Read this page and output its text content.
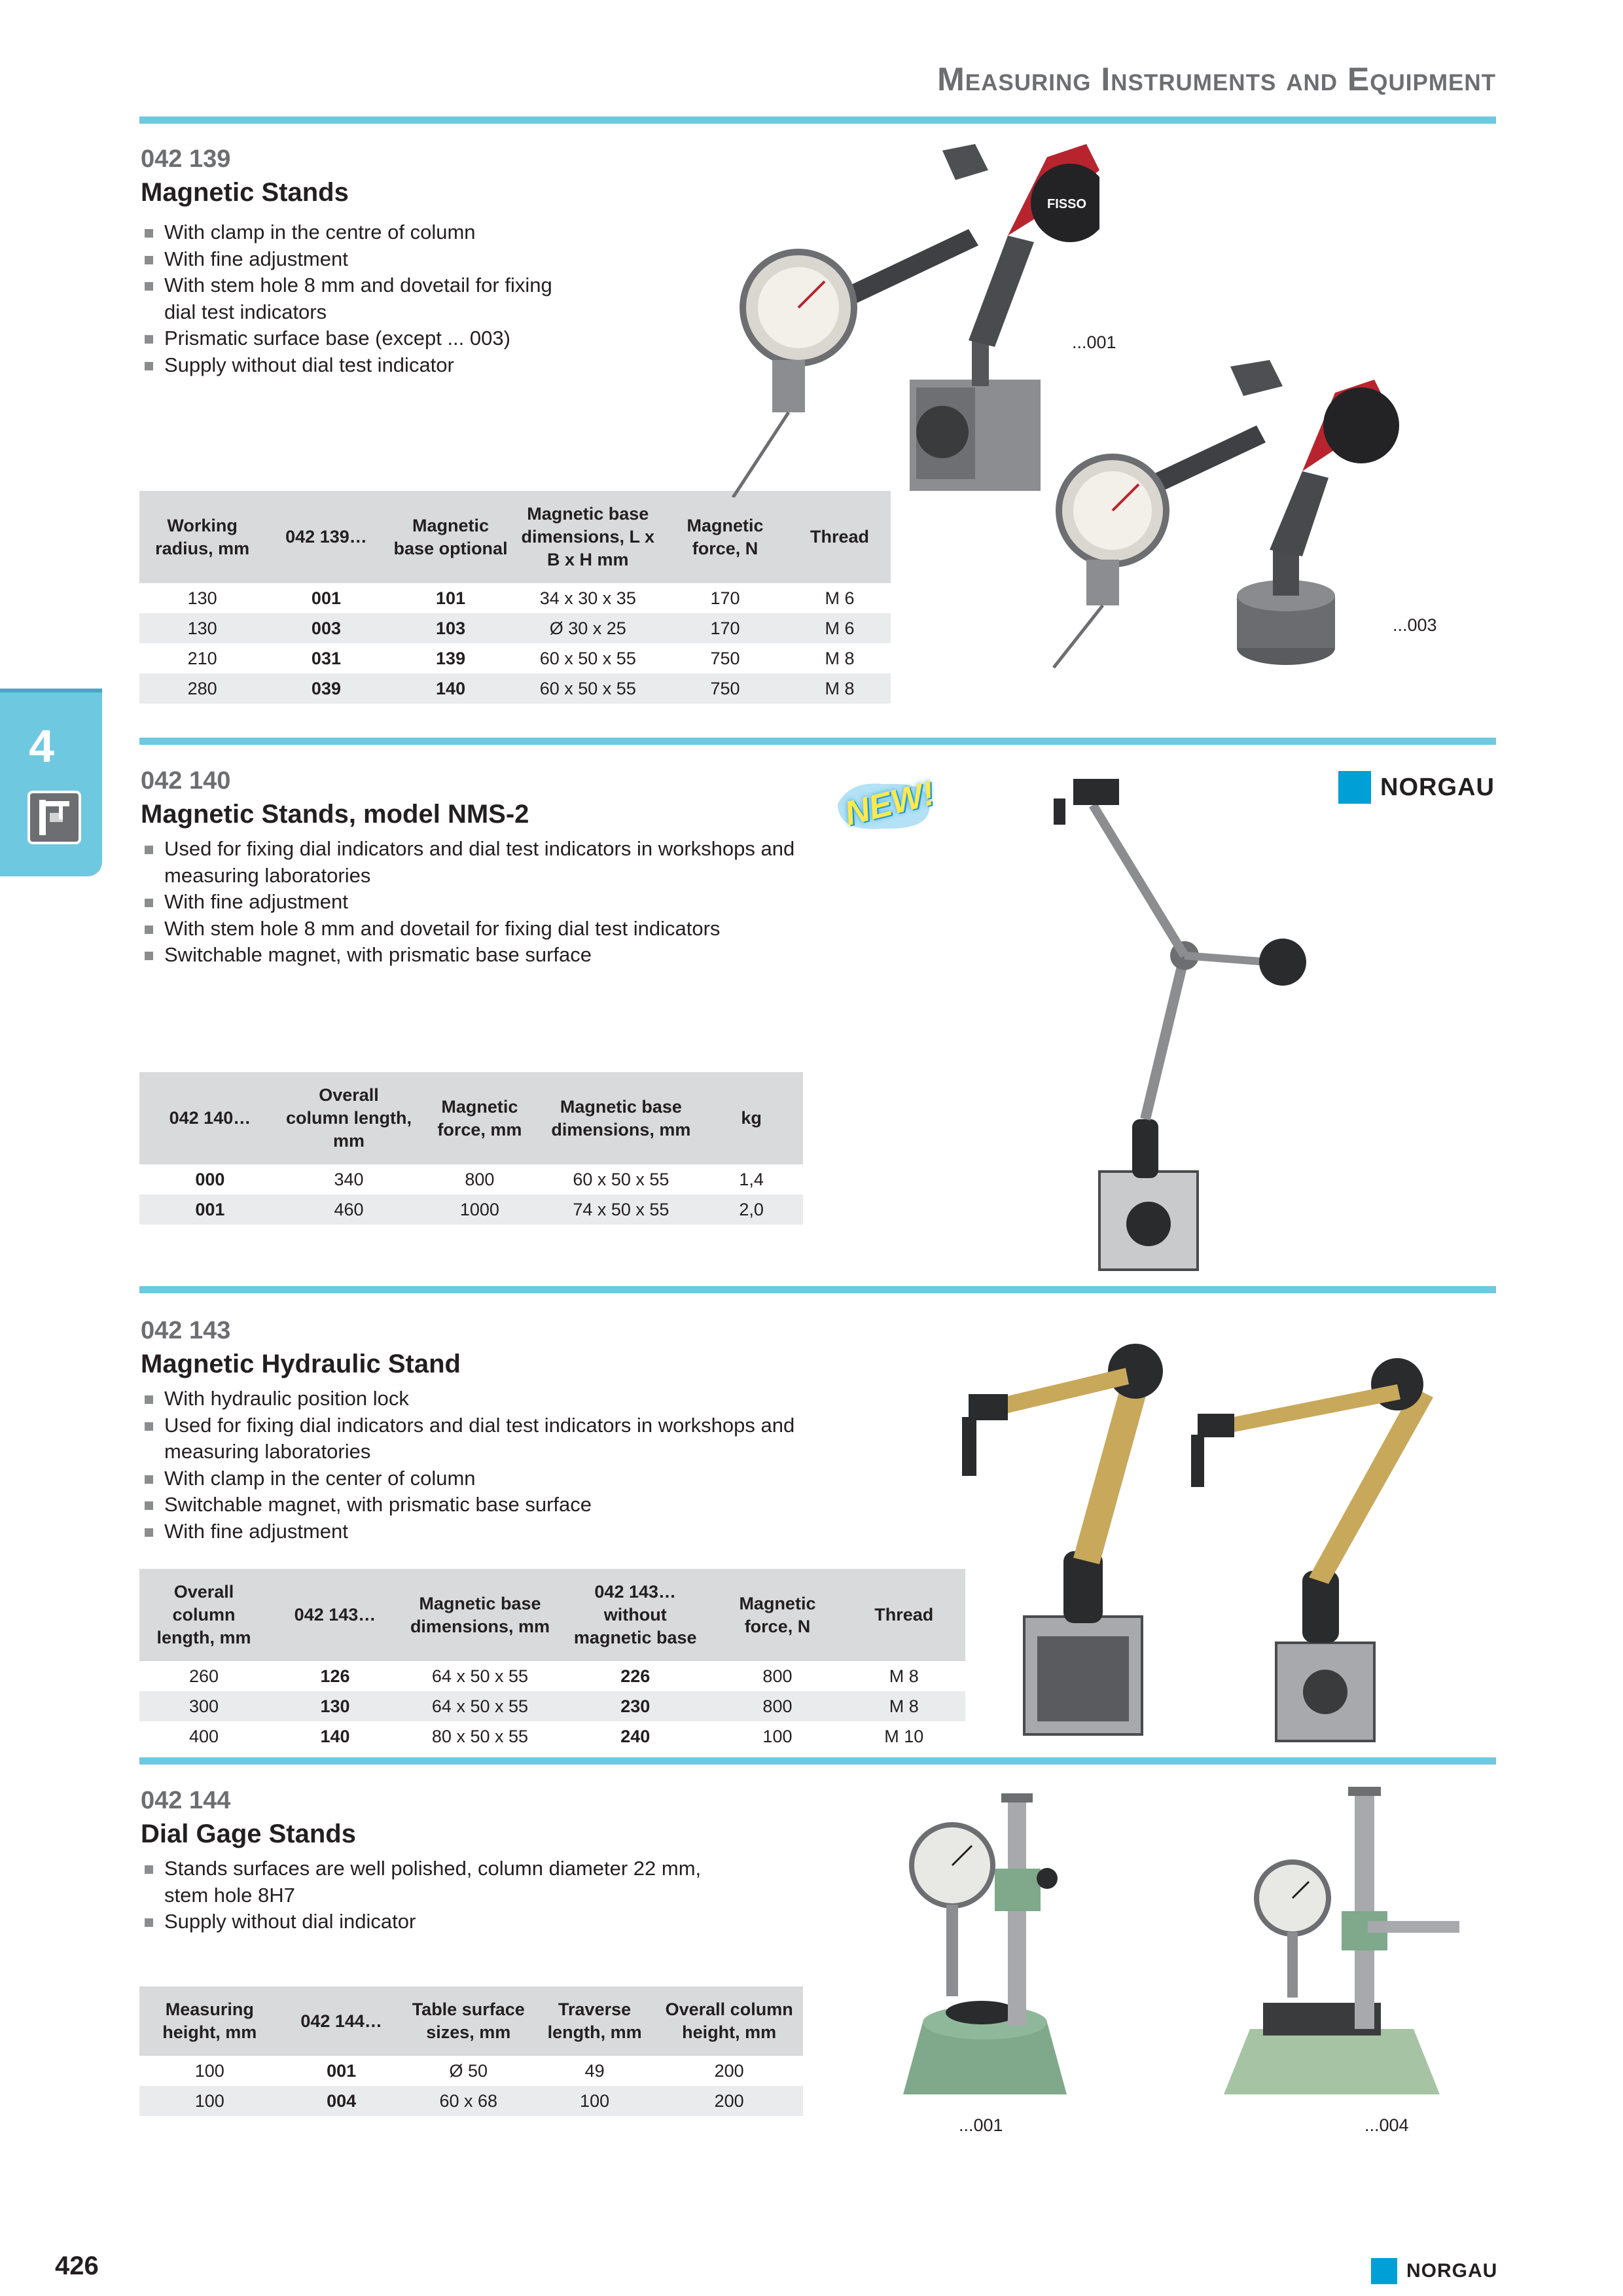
Measuring Instruments and Equipment
4
042 139
Magnetic Stands
With clamp in the centre of column
With fine adjustment
With stem hole 8 mm and dovetail for fixing dial test indicators
Prismatic surface base (except ... 003)
Supply without dial test indicator
Working radius, mm	042 139…	Magnetic base optional	Magnetic base dimensions, L x B x H mm	Magnetic force, N	Thread
130	001	101	34 x 30 x 35	170	M 6
130	003	103	Ø 30 x 25	170	M 6
210	031	139	60 x 50 x 55	750	M 8
280	039	140	60 x 50 x 55	750	M 8
FISSO
...001
...003
042 140
Magnetic Stands, model NMS-2	NEW!	NORGAU
Used for fixing dial indicators and dial test indicators in workshops and measuring laboratories
With fine adjustment
With stem hole 8 mm and dovetail for fixing dial test indicators
Switchable magnet, with prismatic base surface
042 140…	Overall column length, mm	Magnetic force, mm	Magnetic base dimensions, mm	kg
000	340	800	60 x 50 x 55	1,4
001	460	1000	74 x 50 x 55	2,0
042 143
Magnetic Hydraulic Stand
With hydraulic position lock
Used for fixing dial indicators and dial test indicators in workshops and measuring laboratories
With clamp in the center of column
Switchable magnet, with prismatic base surface
With fine adjustment
Overall column length, mm	042 143…	Magnetic base dimensions, mm	042 143… without magnetic base	Magnetic force, N	Thread
260	126	64 x 50 x 55	226	800	M 8
300	130	64 x 50 x 55	230	800	M 8
400	140	80 x 50 x 55	240	100	M 10
042 144
Dial Gage Stands
Stands surfaces are well polished, column diameter 22 mm, stem hole 8H7
Supply without dial indicator
Measuring height, mm	042 144…	Table surface sizes, mm	Traverse length, mm	Overall column height, mm
100	001	Ø 50	49	200
100	004	60 x 68	100	200
...001	...004
426	NORGAU
